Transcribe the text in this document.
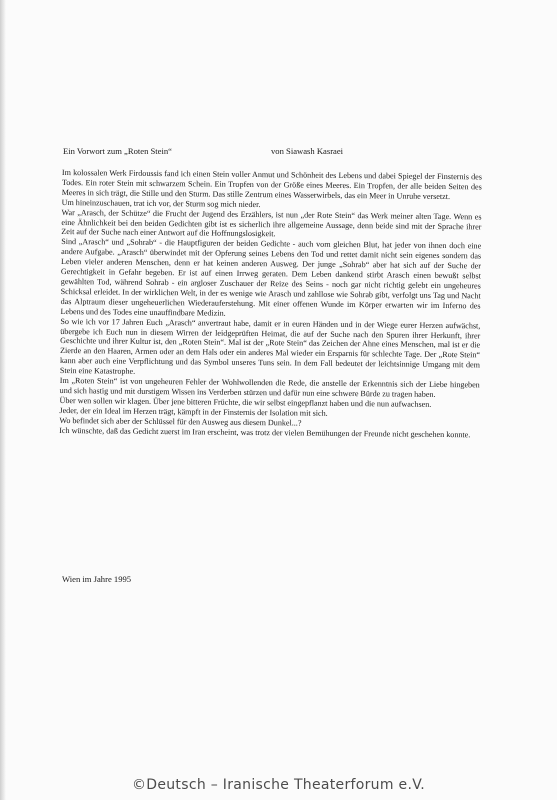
Ein Vorwort zum „Roten Stein“	von Siawash Kasraei

Im kolossalen Werk Firdoussis fand ich einen Stein voller Anmut und Schönheit des Lebens und dabei Spiegel der Finsternis des Todes. Ein roter Stein mit schwarzem Schein. Ein Tropfen von der Größe eines Meeres. Ein Tropfen, der alle beiden Seiten des Meeres in sich trägt, die Stille und den Sturm. Das stille Zentrum eines Wasserwirbels, das ein Meer in Unruhe versetzt.

Um hineinzuschauen, trat ich vor, der Sturm sog mich nieder.

War „Arasch, der Schütze“ die Frucht der Jugend des Erzählers, ist nun „der Rote Stein“ das Werk meiner alten Tage. Wenn es eine Ähnlichkeit bei den beiden Gedichten gibt ist es sicherlich ihre allgemeine Aussage, denn beide sind mit der Sprache ihrer Zeit auf der Suche nach einer Antwort auf die Hoffnungslosigkeit.

Sind „Arasch“ und „Sohrab“ - die Hauptfiguren der beiden Gedichte - auch vom gleichen Blut, hat jeder von ihnen doch eine andere Aufgabe. „Arasch“ überwindet mit der Opferung seines Lebens den Tod und rettet damit nicht sein eigenes sondern das Leben vieler anderen Menschen, denn er hat keinen anderen Ausweg. Der junge „Sohrab“ aber hat sich auf der Suche der Gerechtigkeit in Gefahr begeben. Er ist auf einen Irrweg geraten. Dem Leben dankend stirbt Arasch einen bewußt selbst gewählten Tod, während Sohrab - ein argloser Zuschauer der Reize des Seins - noch gar nicht richtig gelebt ein ungeheures Schicksal erleidet. In der wirklichen Welt, in der es wenige wie Arasch und zahllose wie Sohrab gibt, verfolgt uns Tag und Nacht das Alptraum dieser ungeheuerlichen Wiederauferstehung. Mit einer offenen Wunde im Körper erwarten wir im Inferno des Lebens und des Todes eine unauffindbare Medizin.

So wie ich vor 17 Jahren Euch „Arasch“ anvertraut habe, damit er in euren Händen und in der Wiege eurer Herzen aufwächst, übergebe ich Euch nun in diesem Wirren der leidgeprüften Heimat, die auf der Suche nach den Spuren ihrer Herkunft, ihrer Geschichte und ihrer Kultur ist, den „Roten Stein“. Mal ist der „Rote Stein“ das Zeichen der Ahne eines Menschen, mal ist er die Zierde an den Haaren, Armen oder an dem Hals oder ein anderes Mal wieder ein Ersparnis für schlechte Tage. Der „Rote Stein“ kann aber auch eine Verpflichtung und das Symbol unseres Tuns sein. In dem Fall bedeutet der leichtsinnige Umgang mit dem Stein eine Katastrophe.

Im „Roten Stein“ ist von ungeheuren Fehler der Wohlwollenden die Rede, die anstelle der Erkenntnis sich der Liebe hingeben und sich hastig und mit durstigem Wissen ins Verderben stürzen und dafür nun eine schwere Bürde zu tragen haben.

Über wen sollen wir klagen. Über jene bitteren Früchte, die wir selbst eingepflanzt haben und die nun aufwachsen.

Jeder, der ein Ideal im Herzen trägt, kämpft in der Finsternis der Isolation mit sich.

Wo befindet sich aber der Schlüssel für den Ausweg aus diesem Dunkel...?

Ich wünschte, daß das Gedicht zuerst im Iran erscheint, was trotz der vielen Bemühungen der Freunde nicht geschehen konnte.

Wien im Jahre 1995
©Deutsch – Iranische Theaterforum e.V.
